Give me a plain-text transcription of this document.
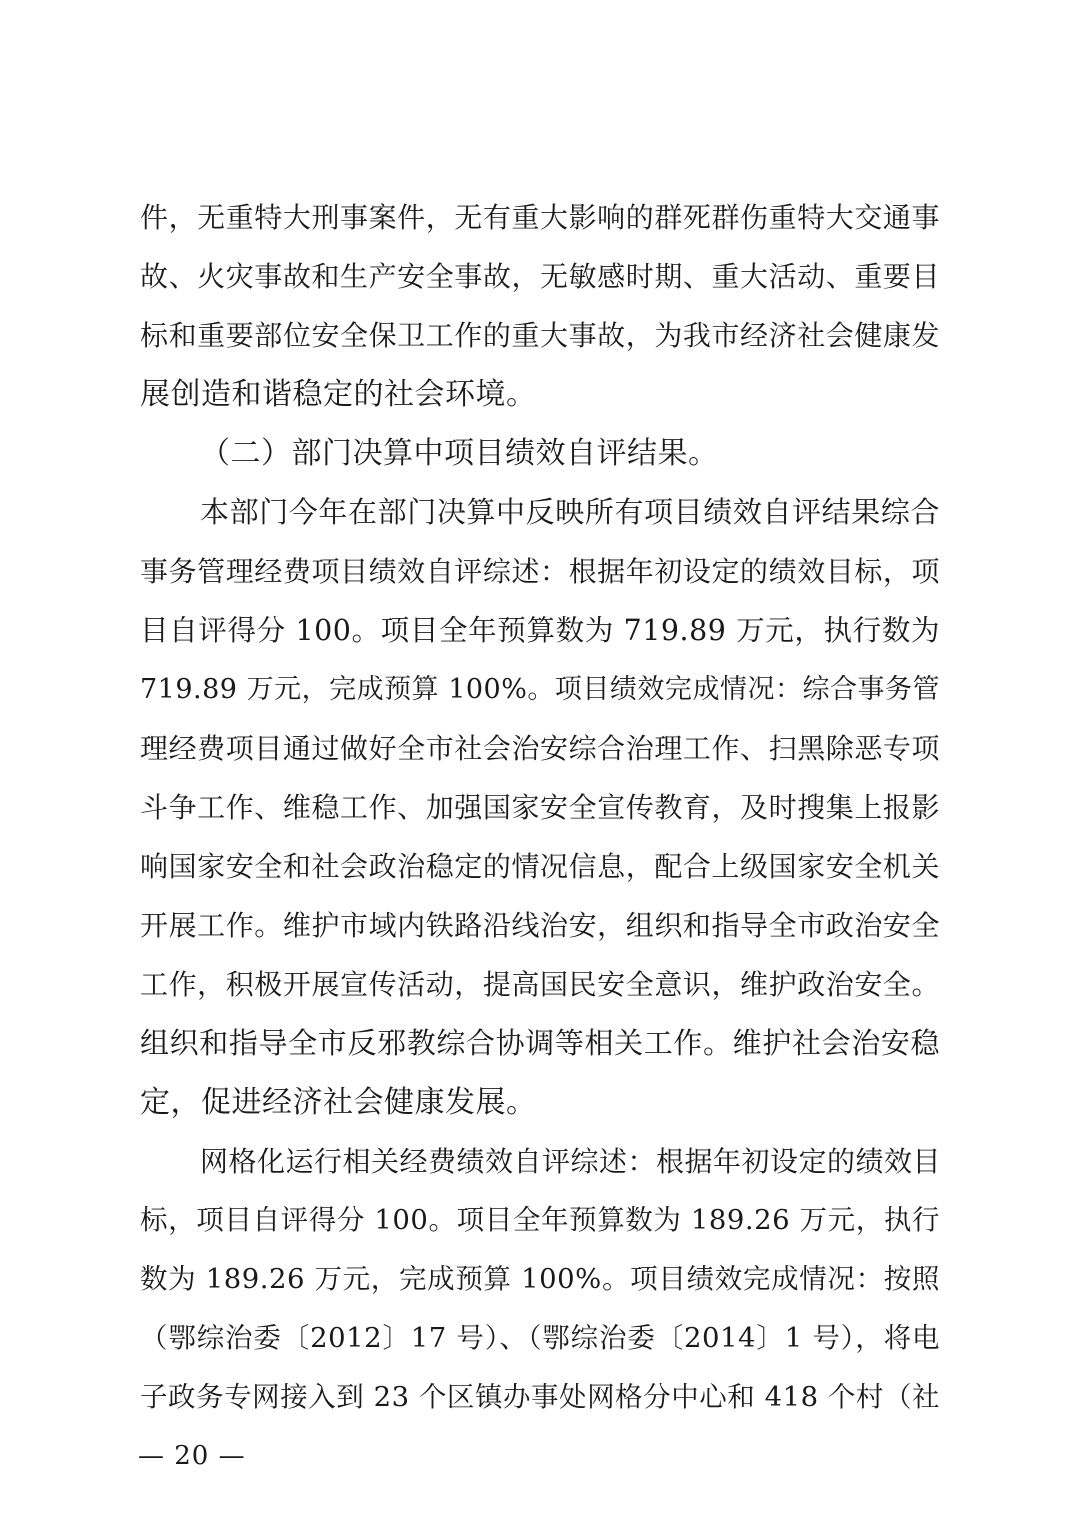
件，无重特大刑事案件，无有重大影响的群死群伤重特大交通事
故、火灾事故和生产安全事故，无敏感时期、重大活动、重要目
标和重要部位安全保卫工作的重大事故，为我市经济社会健康发
展创造和谐稳定的社会环境。
（二）部门决算中项目绩效自评结果。
本部门今年在部门决算中反映所有项目绩效自评结果综合
事务管理经费项目绩效自评综述：根据年初设定的绩效目标，项
目自评得分 100。项目全年预算数为 719.89 万元，执行数为
719.89 万元，完成预算 100%。项目绩效完成情况：综合事务管
理经费项目通过做好全市社会治安综合治理工作、扫黑除恶专项
斗争工作、维稳工作、加强国家安全宣传教育，及时搜集上报影
响国家安全和社会政治稳定的情况信息，配合上级国家安全机关
开展工作。维护市域内铁路沿线治安，组织和指导全市政治安全
工作，积极开展宣传活动，提高国民安全意识，维护政治安全。
组织和指导全市反邪教综合协调等相关工作。维护社会治安稳
定，促进经济社会健康发展。
网格化运行相关经费绩效自评综述：根据年初设定的绩效目
标，项目自评得分 100。项目全年预算数为 189.26 万元，执行
数为 189.26 万元，完成预算 100%。项目绩效完成情况：按照
（鄂综治委〔2012〕17 号）、（鄂综治委〔2014〕1 号），将电
子政务专网接入到 23 个区镇办事处网格分中心和 418 个村（社
— 20 —
